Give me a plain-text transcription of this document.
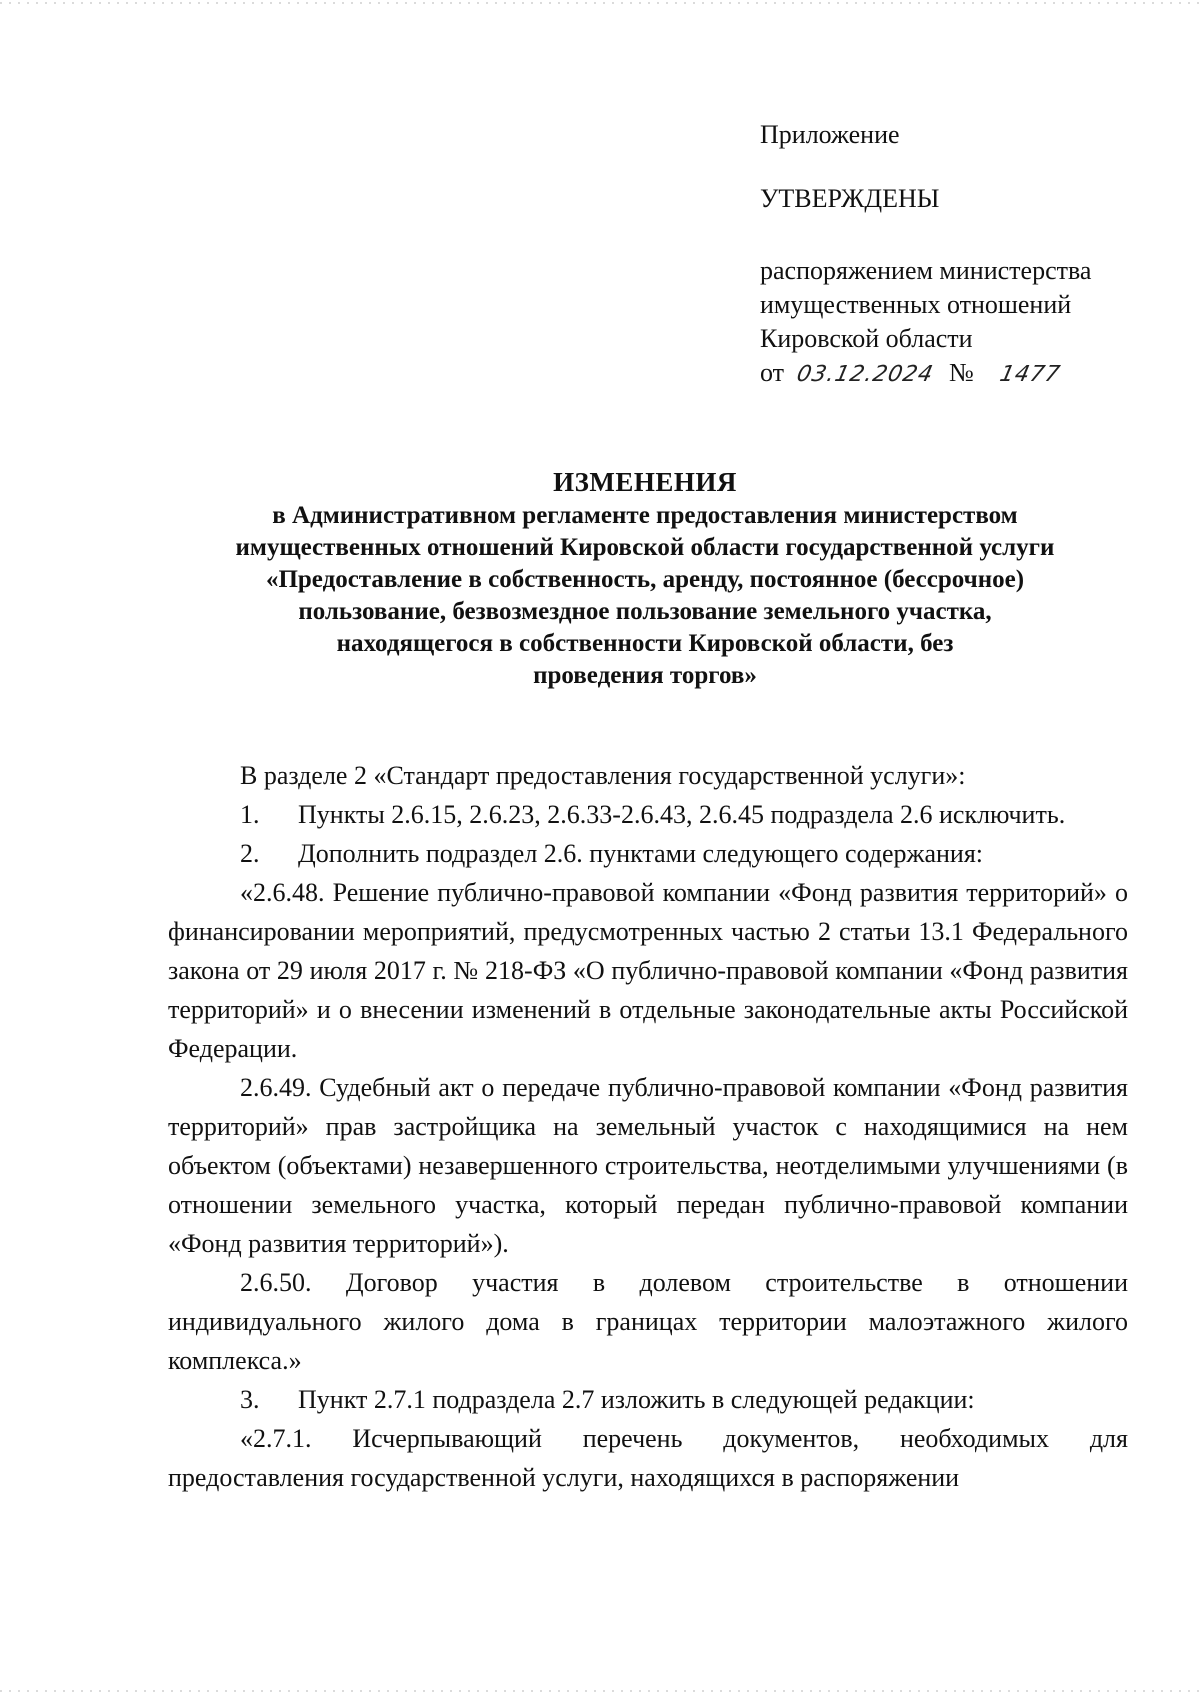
Приложение
УТВЕРЖДЕНЫ
распоряжением министерства
имущественных отношений
Кировской области
от 03.12.2024 № 1477
ИЗМЕНЕНИЯ
в Административном регламенте предоставления министерством
имущественных отношений Кировской области государственной услуги
«Предоставление в собственность, аренду, постоянное (бессрочное)
пользование, безвозмездное пользование земельного участка,
находящегося в собственности Кировской области, без
проведения торгов»

В разделе 2 «Стандарт предоставления государственной услуги»:

1. Пункты 2.6.15, 2.6.23, 2.6.33-2.6.43, 2.6.45 подраздела 2.6 исключить.

2. Дополнить подраздел 2.6. пунктами следующего содержания:

«2.6.48. Решение публично-правовой компании «Фонд развития территорий» о финансировании мероприятий, предусмотренных частью 2 статьи 13.1 Федерального закона от 29 июля 2017 г. № 218-ФЗ «О публично-правовой компании «Фонд развития территорий» и о внесении изменений в отдельные законодательные акты Российской Федерации.

2.6.49. Судебный акт о передаче публично-правовой компании «Фонд развития территорий» прав застройщика на земельный участок с находящимися на нем объектом (объектами) незавершенного строительства, неотделимыми улучшениями (в отношении земельного участка, который передан публично-правовой компании «Фонд развития территорий»).

2.6.50. Договор участия в долевом строительстве в отношении индивидуального жилого дома в границах территории малоэтажного жилого комплекса.»

3. Пункт 2.7.1 подраздела 2.7 изложить в следующей редакции:

«2.7.1. Исчерпывающий перечень документов, необходимых для предоставления государственной услуги, находящихся в распоряжении
